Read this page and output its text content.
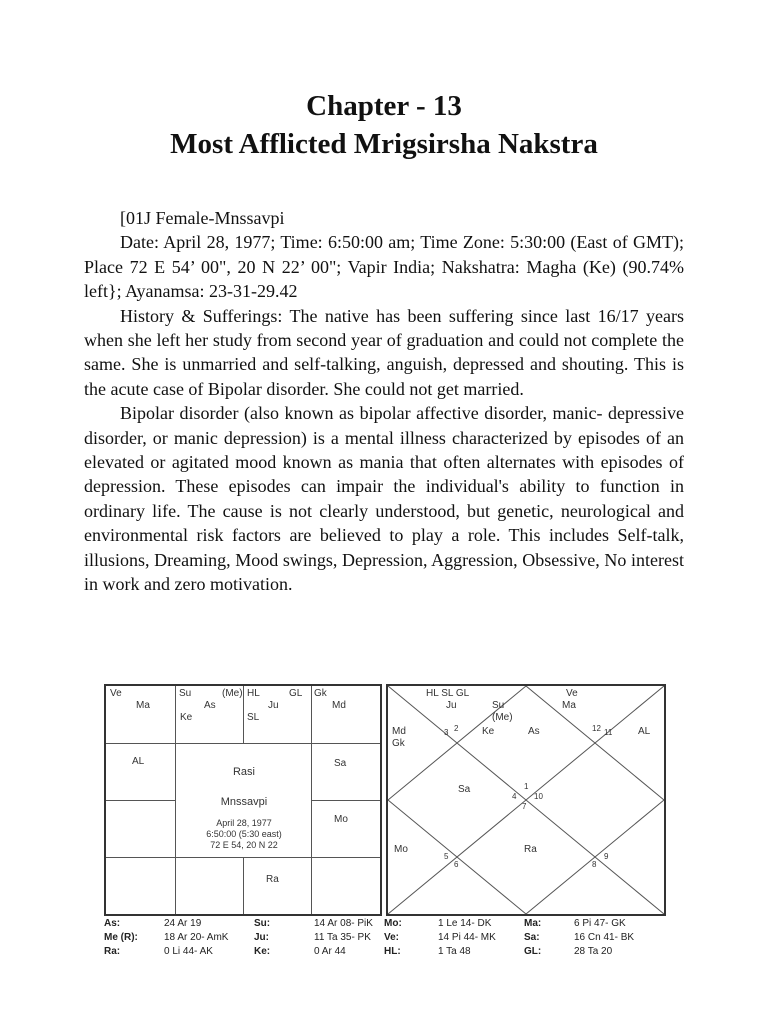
Chapter - 13
Most Afflicted Mrigsirsha Nakstra

[01J Female-Mnssavpi

Date: April 28, 1977; Time: 6:50:00 am; Time Zone: 5:30:00 (East of GMT); Place 72 E 54’ 00", 20 N 22’ 00"; Vapir India; Nakshatra: Magha (Ke) (90.74% left}; Ayanamsa: 23-31-29.42

History & Sufferings: The native has been suffering since last 16/17 years when she left her study from second year of graduation and could not complete the same. She is unmarried and self-talking, anguish, depressed and shouting. This is the acute case of Bipolar disorder. She could not get married.

Bipolar disorder (also known as bipolar affective disorder, manic- depressive disorder, or manic depression) is a mental illness characterized by episodes of an elevated or agitated mood known as mania that often alternates with episodes of depression. These episodes can impair the individual's ability to function in ordinary life. The cause is not clearly understood, but genetic, neurological and environmental risk factors are believed to play a role. This includes Self-talk, illusions, Dreaming, Mood swings, Depression, Aggression, Obsessive, No interest in work and zero motivation.

Ve
Ma
Su	(Me)
As
Ke
HL	GL
Ju
SL
Gk
Md
AL	Sa
Mo
Ra
Rasi
Mnssavpi
April 28, 1977
6:50:00 (5:30 east)
72 E 54, 20 N 22
HL SL GL
Ju
Ve
Su	Ma
(Me)
Ke	As
Md
Gk
AL
Sa
Mo	Ra
3 2	12 11
1
4 10
7
5
6	8
9
As:	24 Ar 19	Su:	14 Ar 08- PiK Mo:	1 Le 14- DK	Ma:	6 Pi 47- GK
Me (R):	18 Ar 20- AmK	Ju:	11 Ta 35- PK Ve:	14 Pi 44- MK	Sa:	16 Cn 41- BK
Ra:	0 Li 44- AK	Ke:	0 Ar 44	HL:	1 Ta 48	GL:	28 Ta 20
